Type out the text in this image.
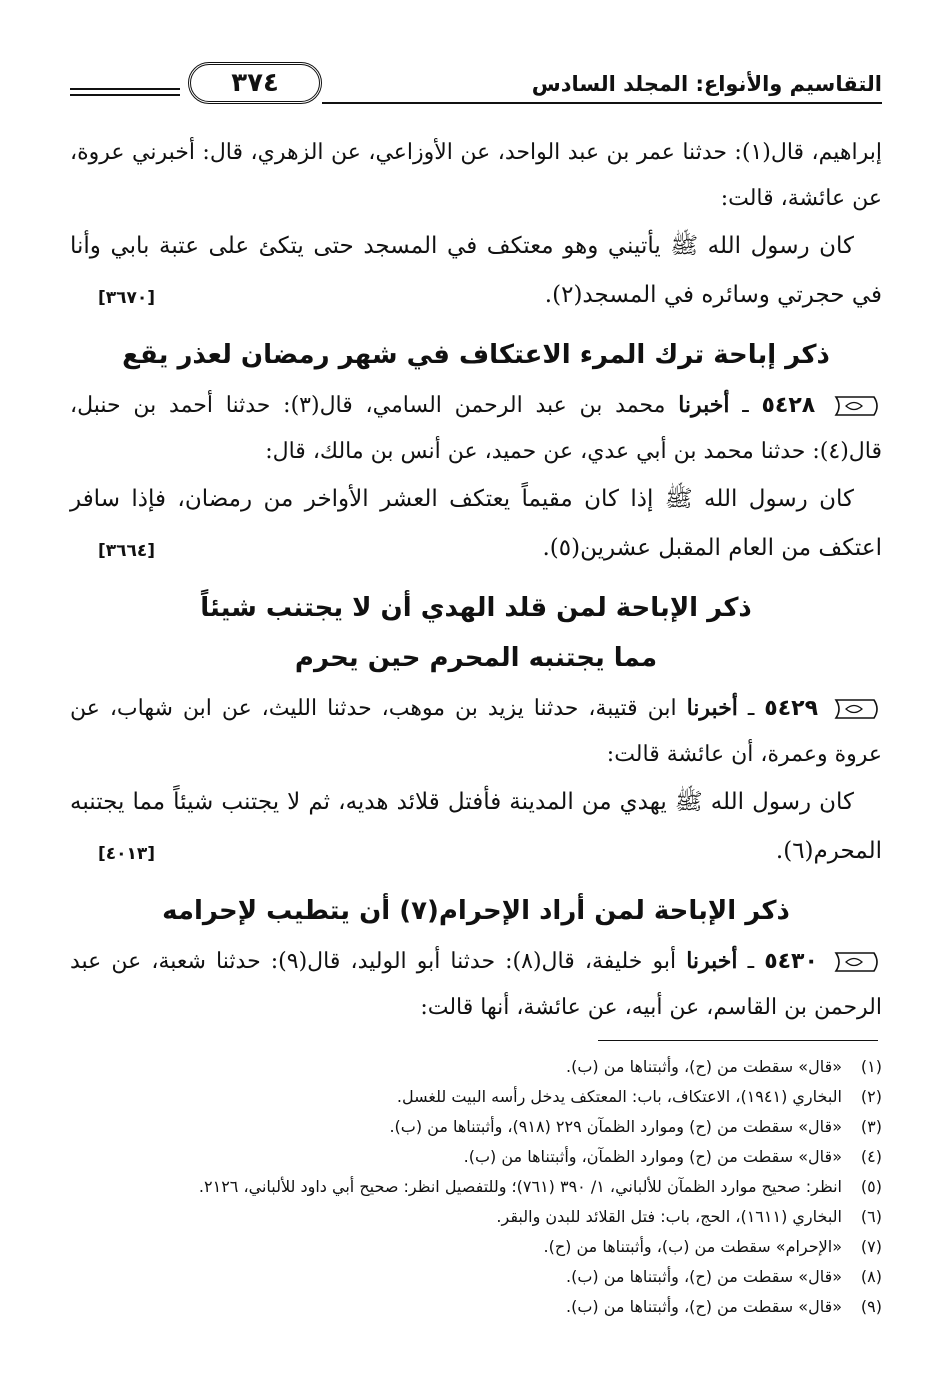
التقاسيم والأنواع: المجلد السادس
٣٧٤

إبراهيم، قال(١): حدثنا عمر بن عبد الواحد، عن الأوزاعي، عن الزهري، قال: أخبرني عروة، عن عائشة، قالت:

كان رسول الله ﷺ يأتيني وهو معتكف في المسجد حتى يتكئ على عتبة بابي وأنا في حجرتي وسائره في المسجد(٢).
[٣٦٧٠]

ذكر إباحة ترك المرء الاعتكاف في شهر رمضان لعذر يقع

٥٤٢٨ ـ أخبرنا محمد بن عبد الرحمن السامي، قال(٣): حدثنا أحمد بن حنبل، قال(٤): حدثنا محمد بن أبي عدي، عن حميد، عن أنس بن مالك، قال:

كان رسول الله ﷺ إذا كان مقيماً يعتكف العشر الأواخر من رمضان، فإذا سافر اعتكف من العام المقبل عشرين(٥).
[٣٦٦٤]

ذكر الإباحة لمن قلد الهدي أن لا يجتنب شيئاً
مما يجتنبه المحرم حين يحرم

٥٤٢٩ ـ أخبرنا ابن قتيبة، حدثنا يزيد بن موهب، حدثنا الليث، عن ابن شهاب، عن عروة وعمرة، أن عائشة قالت:

كان رسول الله ﷺ يهدي من المدينة فأفتل قلائد هديه، ثم لا يجتنب شيئاً مما يجتنبه المحرم(٦).
[٤٠١٣]

ذكر الإباحة لمن أراد الإحرام(٧) أن يتطيب لإحرامه

٥٤٣٠ ـ أخبرنا أبو خليفة، قال(٨): حدثنا أبو الوليد، قال(٩): حدثنا شعبة، عن عبد الرحمن بن القاسم، عن أبيه، عن عائشة، أنها قالت:

(١)«قال» سقطت من (ح)، وأثبتناها من (ب).
(٢)البخاري (١٩٤١)، الاعتكاف، باب: المعتكف يدخل رأسه البيت للغسل.
(٣)«قال» سقطت من (ح) وموارد الظمآن ٢٢٩ (٩١٨)، وأثبتناها من (ب).
(٤)«قال» سقطت من (ح) وموارد الظمآن، وأثبتناها من (ب).
(٥)انظر: صحيح موارد الظمآن للألباني، ١/ ٣٩٠ (٧٦١)؛ وللتفصيل انظر: صحيح أبي داود للألباني، ٢١٢٦.
(٦)البخاري (١٦١١)، الحج، باب: فتل القلائد للبدن والبقر.
(٧)«الإحرام» سقطت من (ب)، وأثبتناها من (ح).
(٨)«قال» سقطت من (ح)، وأثبتناها من (ب).
(٩)«قال» سقطت من (ح)، وأثبتناها من (ب).
